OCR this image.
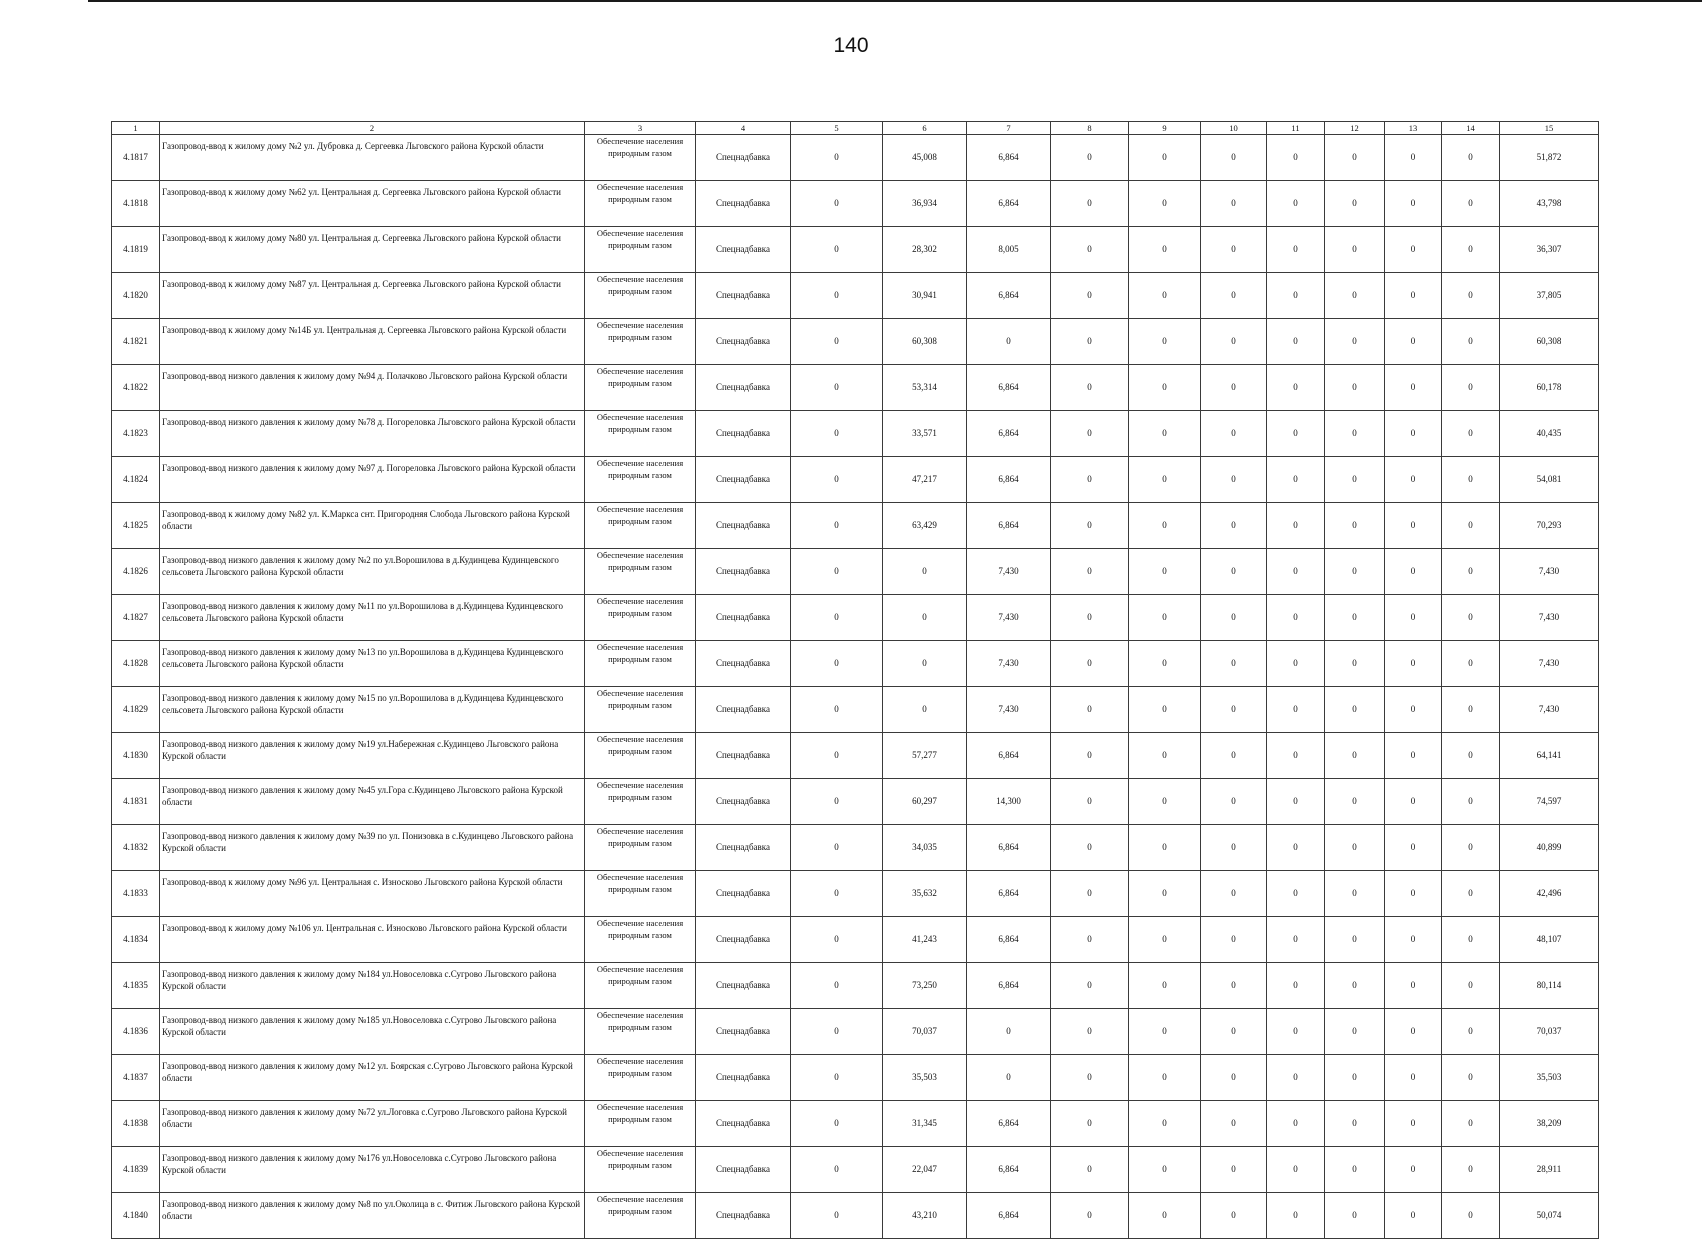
140
1	2	3	4	5	6	7	8	9	10	11	12	13	14	15
4.1817	Газопровод-ввод к жилому дому №2 ул. Дубровка д. Сергеевка Льговского района Курской области	Обеспечение населения природным газом	Спецнадбавка	0	45,008	6,864	0	0	0	0	0	0	0	51,872
4.1818	Газопровод-ввод к жилому дому №62 ул. Центральная д. Сергеевка Льговского района Курской области	Обеспечение населения природным газом	Спецнадбавка	0	36,934	6,864	0	0	0	0	0	0	0	43,798
4.1819	Газопровод-ввод к жилому дому №80 ул. Центральная д. Сергеевка Льговского района Курской области	Обеспечение населения природным газом	Спецнадбавка	0	28,302	8,005	0	0	0	0	0	0	0	36,307
4.1820	Газопровод-ввод к жилому дому №87 ул. Центральная д. Сергеевка Льговского района Курской области	Обеспечение населения природным газом	Спецнадбавка	0	30,941	6,864	0	0	0	0	0	0	0	37,805
4.1821	Газопровод-ввод к жилому дому №14Б ул. Центральная д. Сергеевка Льговского района Курской области	Обеспечение населения природным газом	Спецнадбавка	0	60,308	0	0	0	0	0	0	0	0	60,308
4.1822	Газопровод-ввод низкого давления к жилому дому №94 д. Полачково Льговского района Курской области	Обеспечение населения природным газом	Спецнадбавка	0	53,314	6,864	0	0	0	0	0	0	0	60,178
4.1823	Газопровод-ввод низкого давления к жилому дому №78 д. Погореловка Льговского района Курской области	Обеспечение населения природным газом	Спецнадбавка	0	33,571	6,864	0	0	0	0	0	0	0	40,435
4.1824	Газопровод-ввод низкого давления к жилому дому №97 д. Погореловка Льговского района Курской области	Обеспечение населения природным газом	Спецнадбавка	0	47,217	6,864	0	0	0	0	0	0	0	54,081
4.1825	Газопровод-ввод к жилому дому №82 ул. К.Маркса снт. Пригородняя Слобода Льговского района Курской области	Обеспечение населения природным газом	Спецнадбавка	0	63,429	6,864	0	0	0	0	0	0	0	70,293
4.1826	Газопровод-ввод низкого давления к жилому дому №2 по ул.Ворошилова в д.Кудинцева Кудинцевского сельсовета Льговского района Курской области	Обеспечение населения природным газом	Спецнадбавка	0	0	7,430	0	0	0	0	0	0	0	7,430
4.1827	Газопровод-ввод низкого давления к жилому дому №11 по ул.Ворошилова в д.Кудинцева Кудинцевского сельсовета Льговского района Курской области	Обеспечение населения природным газом	Спецнадбавка	0	0	7,430	0	0	0	0	0	0	0	7,430
4.1828	Газопровод-ввод низкого давления к жилому дому №13 по ул.Ворошилова в д.Кудинцева Кудинцевского сельсовета Льговского района Курской области	Обеспечение населения природным газом	Спецнадбавка	0	0	7,430	0	0	0	0	0	0	0	7,430
4.1829	Газопровод-ввод низкого давления к жилому дому №15 по ул.Ворошилова в д.Кудинцева Кудинцевского сельсовета Льговского района Курской области	Обеспечение населения природным газом	Спецнадбавка	0	0	7,430	0	0	0	0	0	0	0	7,430
4.1830	Газопровод-ввод низкого давления к жилому дому №19 ул.Набережная с.Кудинцево Льговского района Курской области	Обеспечение населения природным газом	Спецнадбавка	0	57,277	6,864	0	0	0	0	0	0	0	64,141
4.1831	Газопровод-ввод низкого давления к жилому дому №45 ул.Гора с.Кудинцево Льговского района Курской области	Обеспечение населения природным газом	Спецнадбавка	0	60,297	14,300	0	0	0	0	0	0	0	74,597
4.1832	Газопровод-ввод низкого давления к жилому дому №39 по ул. Понизовка в с.Кудинцево Льговского района Курской области	Обеспечение населения природным газом	Спецнадбавка	0	34,035	6,864	0	0	0	0	0	0	0	40,899
4.1833	Газопровод-ввод к жилому дому №96 ул. Центральная с. Износково Льговского района Курской области	Обеспечение населения природным газом	Спецнадбавка	0	35,632	6,864	0	0	0	0	0	0	0	42,496
4.1834	Газопровод-ввод к жилому дому №106 ул. Центральная с. Износково Льговского района Курской области	Обеспечение населения природным газом	Спецнадбавка	0	41,243	6,864	0	0	0	0	0	0	0	48,107
4.1835	Газопровод-ввод низкого давления к жилому дому №184 ул.Новоселовка с.Сугрово Льговского района Курской области	Обеспечение населения природным газом	Спецнадбавка	0	73,250	6,864	0	0	0	0	0	0	0	80,114
4.1836	Газопровод-ввод низкого давления к жилому дому №185 ул.Новоселовка с.Сугрово Льговского района Курской области	Обеспечение населения природным газом	Спецнадбавка	0	70,037	0	0	0	0	0	0	0	0	70,037
4.1837	Газопровод-ввод низкого давления к жилому дому №12 ул. Боярская с.Сугрово Льговского района Курской области	Обеспечение населения природным газом	Спецнадбавка	0	35,503	0	0	0	0	0	0	0	0	35,503
4.1838	Газопровод-ввод низкого давления к жилому дому №72 ул.Логовка с.Сугрово Льговского района Курской области	Обеспечение населения природным газом	Спецнадбавка	0	31,345	6,864	0	0	0	0	0	0	0	38,209
4.1839	Газопровод-ввод низкого давления к жилому дому №176 ул.Новоселовка с.Сугрово Льговского района Курской области	Обеспечение населения природным газом	Спецнадбавка	0	22,047	6,864	0	0	0	0	0	0	0	28,911
4.1840	Газопровод-ввод низкого давления к жилому дому №8 по ул.Околица в с. Фитиж Льговского района Курской области	Обеспечение населения природным газом	Спецнадбавка	0	43,210	6,864	0	0	0	0	0	0	0	50,074
